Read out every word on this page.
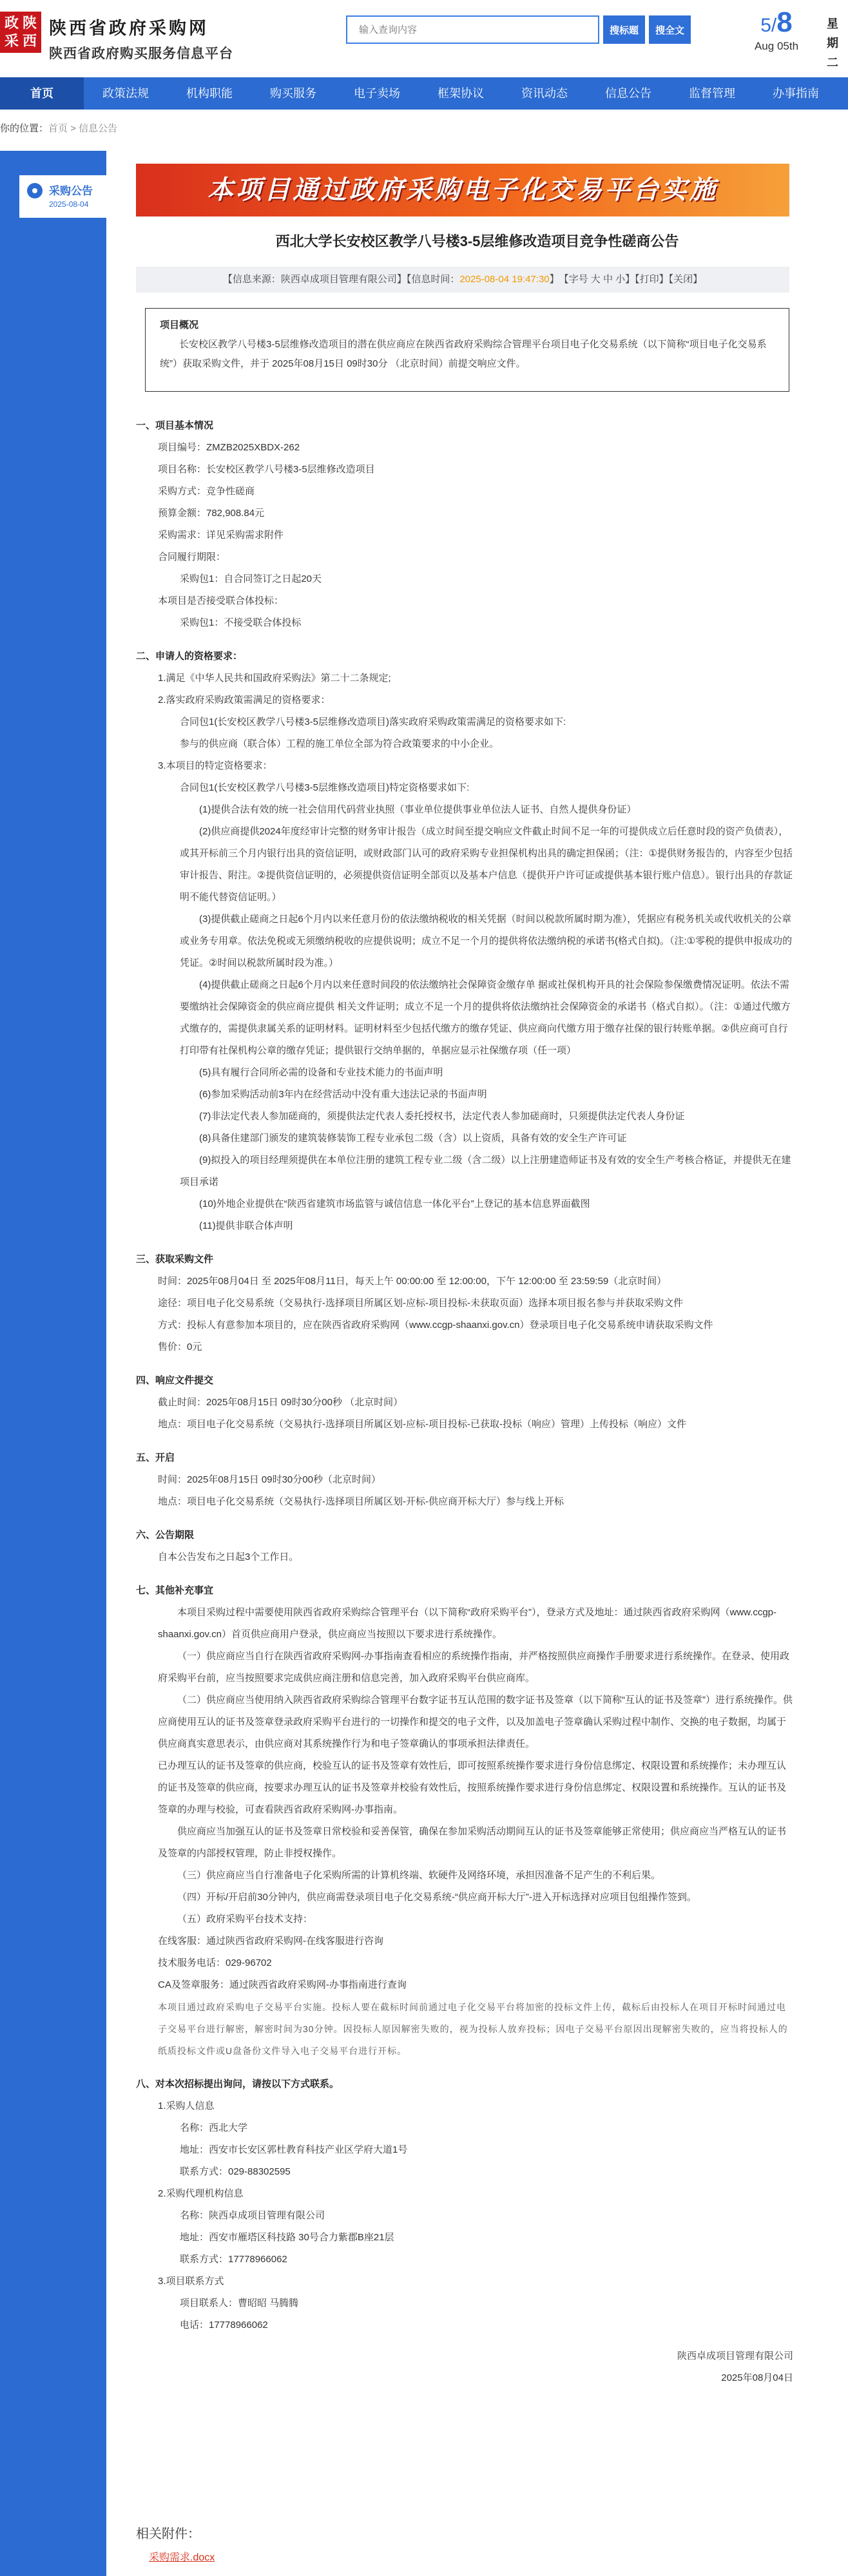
政 陕
采 西
陕西省政府采购网
陕西省政府购买服务信息平台
输入查询内容
搜标题	搜全文	5/8
Aug 05th
星期二
首页	政策法规	机构职能	购买服务	电子卖场	框架协议	资讯动态	信息公告	监督管理	办事指南
你的位置：首页 > 信息公告
采购公告
2025-08-04	本项目通过政府采购电子化交易平台实施
西北大学长安校区教学八号楼3-5层维修改造项目竞争性磋商公告
【信息来源：陕西卓成项目管理有限公司】【信息时间：2025-08-04 19:47:30】　【字号 大 中 小】【打印】【关闭】
项目概况
长安校区教学八号楼3-5层维修改造项目的潜在供应商应在陕西省政府采购综合管理平台项目电子化交易系统（以下简称“项目电子化交易系统”）获取采购文件，并于 2025年08月15日 09时30分 （北京时间）前提交响应文件。
一、项目基本情况
项目编号：ZMZB2025XBDX-262
项目名称：长安校区教学八号楼3-5层维修改造项目
采购方式：竞争性磋商
预算金额：782,908.84元
采购需求：详见采购需求附件
合同履行期限：
采购包1：自合同签订之日起20天
本项目是否接受联合体投标：
采购包1：不接受联合体投标
二、申请人的资格要求：
1.满足《中华人民共和国政府采购法》第二十二条规定;
2.落实政府采购政策需满足的资格要求：
合同包1(长安校区教学八号楼3-5层维修改造项目)落实政府采购政策需满足的资格要求如下:
参与的供应商（联合体）工程的施工单位全部为符合政策要求的中小企业。
3.本项目的特定资格要求：
合同包1(长安校区教学八号楼3-5层维修改造项目)特定资格要求如下:
(1)提供合法有效的统一社会信用代码营业执照（事业单位提供事业单位法人证书、自然人提供身份证）
(2)供应商提供2024年度经审计完整的财务审计报告（成立时间至提交响应文件截止时间不足一年的可提供成立后任意时段的资产负债表），或其开标前三个月内银行出具的资信证明，或财政部门认可的政府采购专业担保机构出具的确定担保函；（注：①提供财务报告的，内容至少包括审计报告、附注。②提供资信证明的，必须提供资信证明全部页以及基本户信息（提供开户许可证或提供基本银行账户信息）。银行出具的存款证明不能代替资信证明。）
(3)提供截止磋商之日起6个月内以来任意月份的依法缴纳税收的相关凭据（时间以税款所属时期为准），凭据应有税务机关或代收机关的公章或业务专用章。依法免税或无须缴纳税收的应提供说明；成立不足一个月的提供将依法缴纳税的承诺书(格式自拟)。（注:①零税的提供申报成功的凭证。②时间以税款所属时段为准。）
(4)提供截止磋商之日起6个月内以来任意时间段的依法缴纳社会保障资金缴存单 据或社保机构开具的社会保险参保缴费情况证明。依法不需要缴纳社会保障资金的供应商应提供 相关文件证明；成立不足一个月的提供将依法缴纳社会保障资金的承诺书（格式自拟）。（注：①通过代缴方式缴存的，需提供隶属关系的证明材料。证明材料至少包括代缴方的缴存凭证、供应商向代缴方用于缴存社保的银行转账单据。②供应商可自行打印带有社保机构公章的缴存凭证；提供银行交纳单据的，单据应显示社保缴存项（任一项）
(5)具有履行合同所必需的设备和专业技术能力的书面声明
(6)参加采购活动前3年内在经营活动中没有重大违法记录的书面声明
(7)非法定代表人参加磋商的，须提供法定代表人委托授权书，法定代表人参加磋商时，只须提供法定代表人身份证
(8)具备住建部门颁发的建筑装修装饰工程专业承包二级（含）以上资质，具备有效的安全生产许可证
(9)拟投入的项目经理须提供在本单位注册的建筑工程专业二级（含二级）以上注册建造师证书及有效的安全生产考核合格证，并提供无在建项目承诺
(10)外地企业提供在“陕西省建筑市场监管与诚信信息一体化平台”上登记的基本信息界面截图
(11)提供非联合体声明
三、获取采购文件
时间：2025年08月04日 至 2025年08月11日，每天上午 00:00:00 至 12:00:00，下午 12:00:00 至 23:59:59（北京时间）
途径：项目电子化交易系统（交易执行-选择项目所属区划-应标-项目投标-未获取页面）选择本项目报名参与并获取采购文件
方式：投标人有意参加本项目的，应在陕西省政府采购网（www.ccgp-shaanxi.gov.cn）登录项目电子化交易系统申请获取采购文件
售价：0元
四、响应文件提交
截止时间：2025年08月15日 09时30分00秒 （北京时间）
地点：项目电子化交易系统（交易执行-选择项目所属区划-应标-项目投标-已获取-投标（响应）管理）上传投标（响应）文件
五、开启
时间：2025年08月15日 09时30分00秒（北京时间）
地点：项目电子化交易系统（交易执行-选择项目所属区划-开标-供应商开标大厅）参与线上开标
六、公告期限
自本公告发布之日起3个工作日。
七、其他补充事宜
本项目采购过程中需要使用陕西省政府采购综合管理平台（以下简称“政府采购平台”），登录方式及地址：通过陕西省政府采购网（www.ccgp-shaanxi.gov.cn）首页供应商用户登录，供应商应当按照以下要求进行系统操作。
（一）供应商应当自行在陕西省政府采购网-办事指南查看相应的系统操作指南，并严格按照供应商操作手册要求进行系统操作。在登录、使用政府采购平台前，应当按照要求完成供应商注册和信息完善，加入政府采购平台供应商库。
（二）供应商应当使用纳入陕西省政府采购综合管理平台数字证书互认范围的数字证书及签章（以下简称“互认的证书及签章”）进行系统操作。供应商使用互认的证书及签章登录政府采购平台进行的一切操作和提交的电子文件，以及加盖电子签章确认采购过程中制作、交换的电子数据，均属于供应商真实意思表示，由供应商对其系统操作行为和电子签章确认的事项承担法律责任。
已办理互认的证书及签章的供应商，校验互认的证书及签章有效性后，即可按照系统操作要求进行身份信息绑定、权限设置和系统操作；未办理互认的证书及签章的供应商，按要求办理互认的证书及签章并校验有效性后，按照系统操作要求进行身份信息绑定、权限设置和系统操作。互认的证书及签章的办理与校验，可查看陕西省政府采购网-办事指南。
供应商应当加强互认的证书及签章日常校验和妥善保管，确保在参加采购活动期间互认的证书及签章能够正常使用；供应商应当严格互认的证书及签章的内部授权管理，防止非授权操作。
（三）供应商应当自行准备电子化采购所需的计算机终端、软硬件及网络环境，承担因准备不足产生的不利后果。
（四）开标/开启前30分钟内，供应商需登录项目电子化交易系统-“供应商开标大厅”-进入开标选择对应项目包组操作签到。
（五）政府采购平台技术支持：
在线客服：通过陕西省政府采购网-在线客服进行咨询
技术服务电话：029-96702
CA及签章服务：通过陕西省政府采购网-办事指南进行查询
本项目通过政府采购电子交易平台实施。投标人要在截标时间前通过电子化交易平台将加密的投标文件上传，截标后由投标人在项目开标时间通过电子交易平台进行解密，解密时间为30分钟。因投标人原因解密失败的，视为投标人放弃投标；因电子交易平台原因出现解密失败的，应当将投标人的纸质投标文件或U盘备份文件导入电子交易平台进行开标。
八、对本次招标提出询问，请按以下方式联系。
1.采购人信息
名称：西北大学
地址：西安市长安区郭杜教育科技产业区学府大道1号
联系方式：029-88302595
2.采购代理机构信息
名称：陕西卓成项目管理有限公司
地址：西安市雁塔区科技路 30号合力紫郡B座21层
联系方式：17778966062
3.项目联系方式
项目联系人：曹昭昭 马腾腾
电话：17778966062
陕西卓成项目管理有限公司
2025年08月04日
相关附件：
采购需求.docx
